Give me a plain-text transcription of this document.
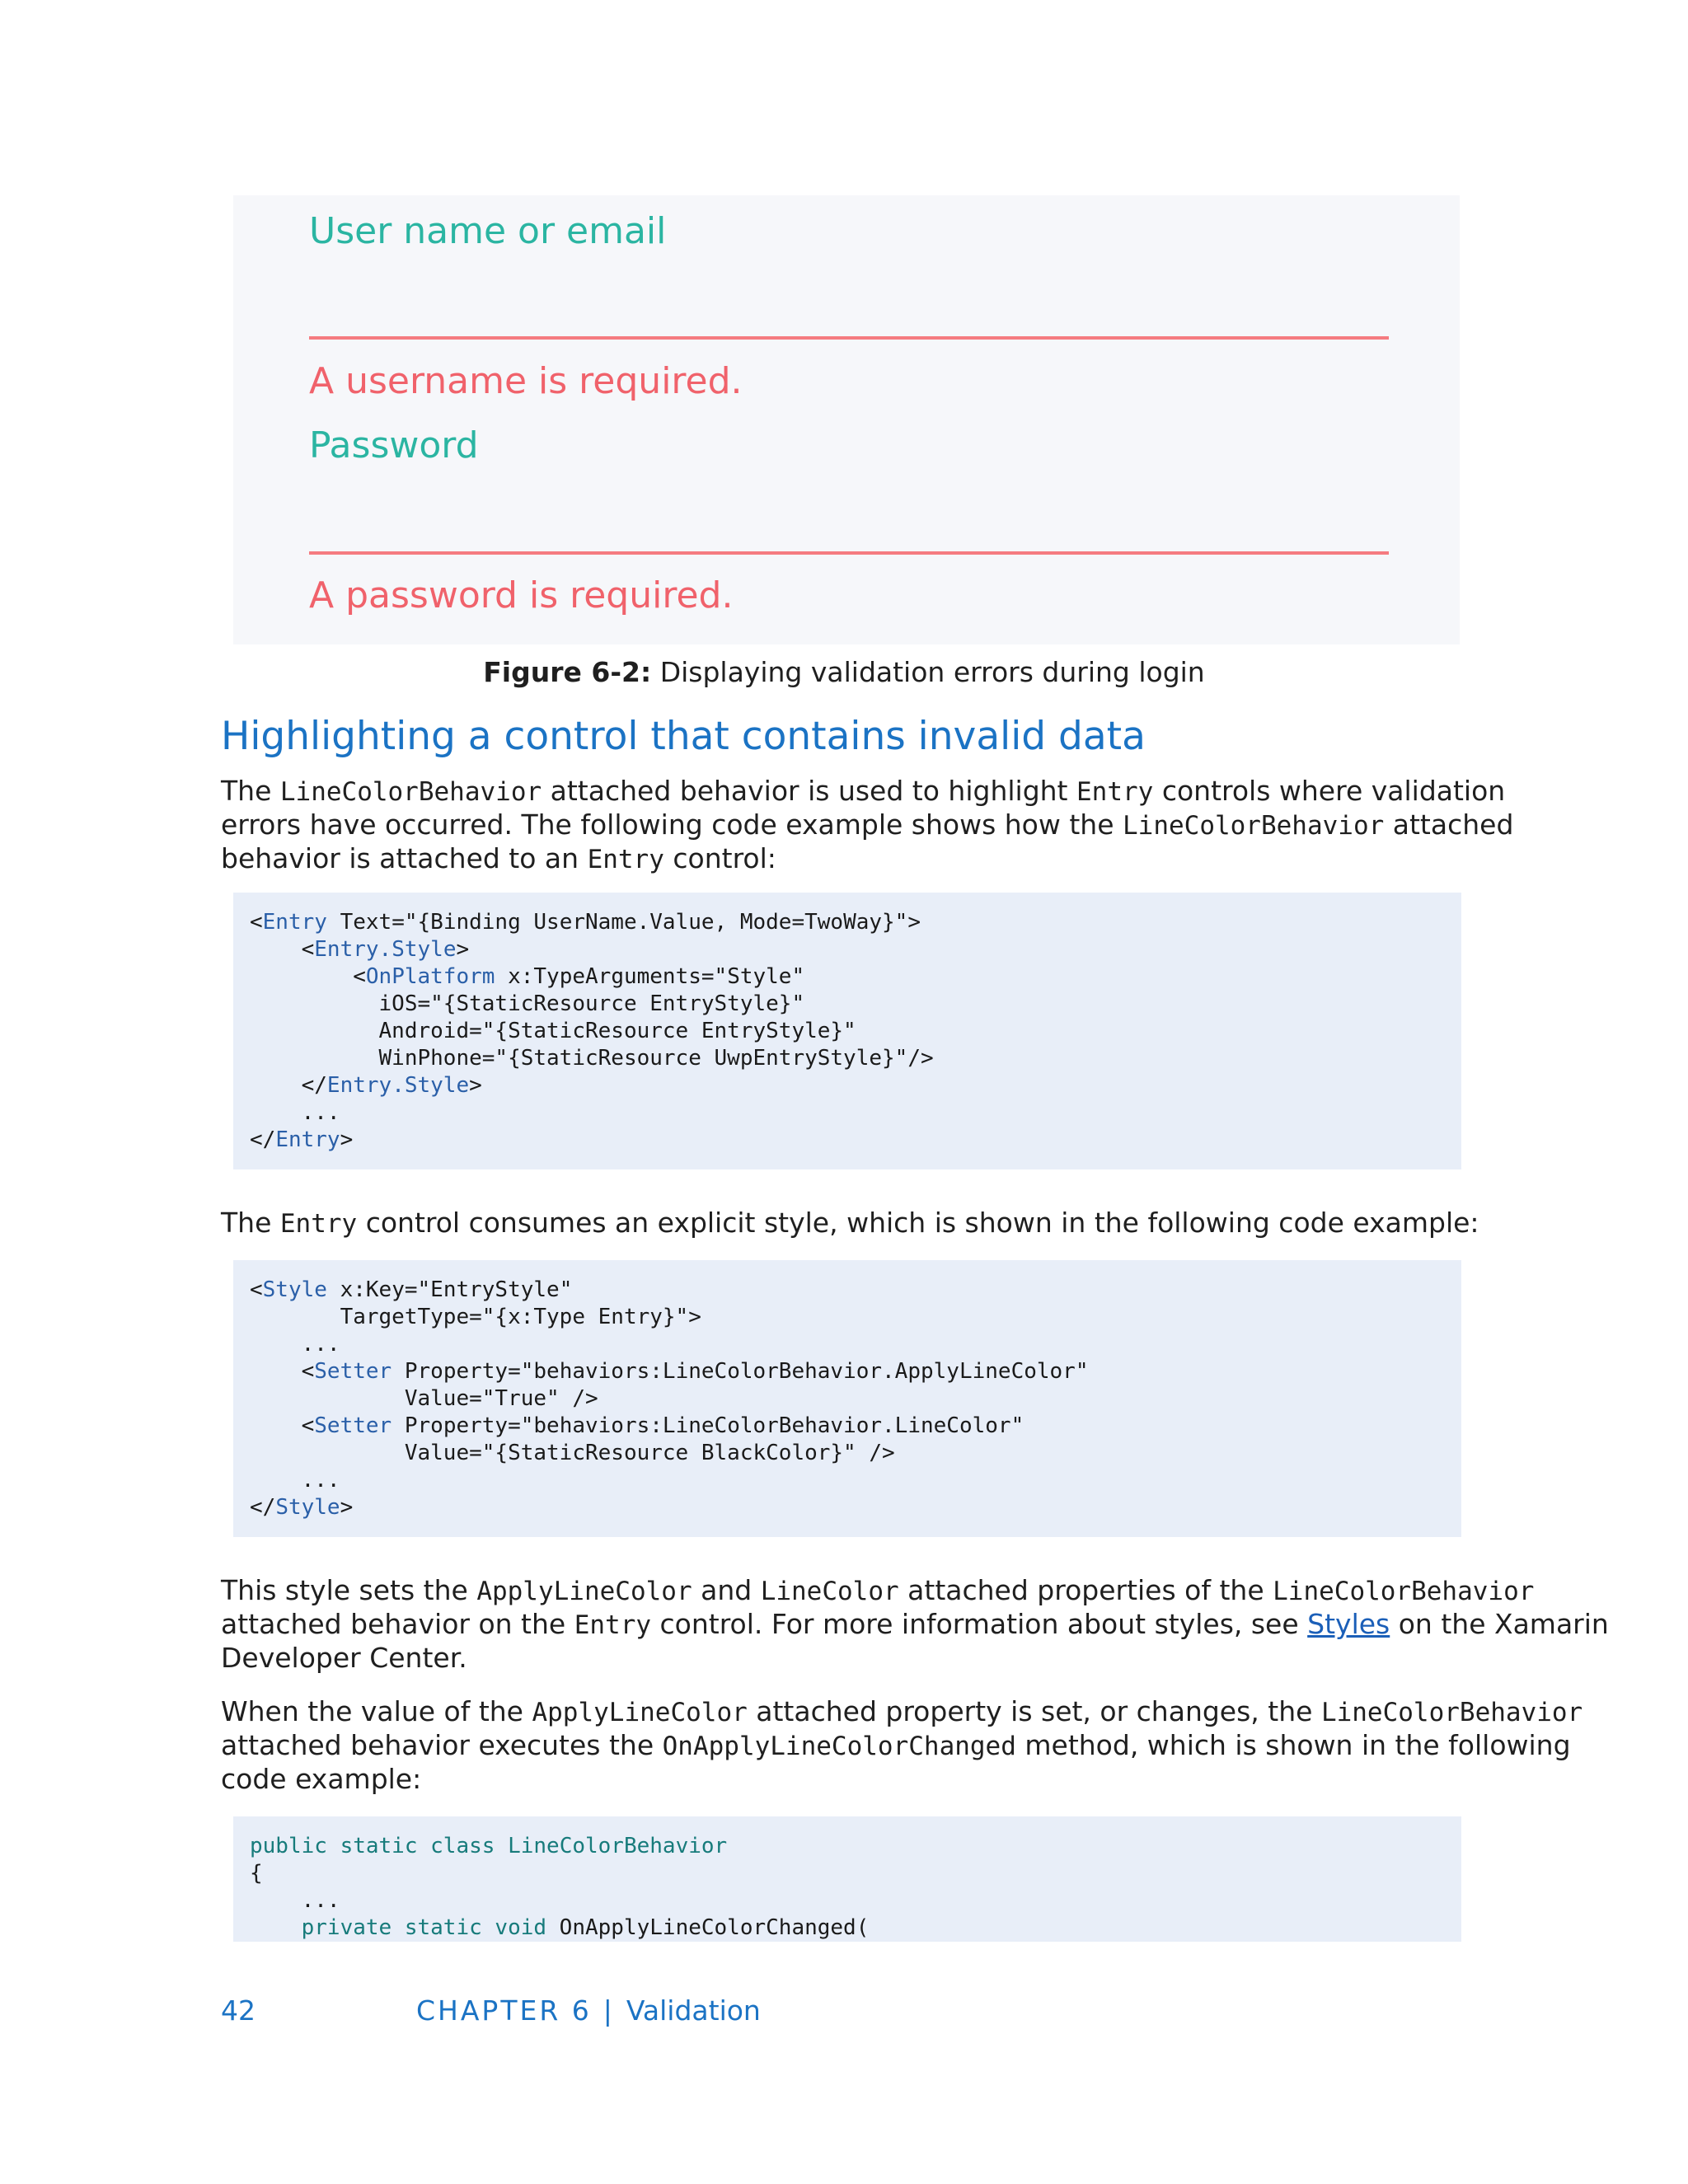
User name or email
A username is required.
Password
A password is required.
Figure 6-2: Displaying validation errors during login
Highlighting a control that contains invalid data
The LineColorBehavior attached behavior is used to highlight Entry controls where validation
errors have occurred. The following code example shows how the LineColorBehavior attached
behavior is attached to an Entry control:
<Entry Text="{Binding UserName.Value, Mode=TwoWay}">
<Entry.Style>
<OnPlatform x:TypeArguments="Style"
iOS="{StaticResource EntryStyle}"
Android="{StaticResource EntryStyle}"
WinPhone="{StaticResource UwpEntryStyle}"/>
</Entry.Style>
...
</Entry>
The Entry control consumes an explicit style, which is shown in the following code example:
<Style x:Key="EntryStyle"
TargetType="{x:Type Entry}">
...
<Setter Property="behaviors:LineColorBehavior.ApplyLineColor"
Value="True" />
<Setter Property="behaviors:LineColorBehavior.LineColor"
Value="{StaticResource BlackColor}" />
...
</Style>
This style sets the ApplyLineColor and LineColor attached properties of the LineColorBehavior
attached behavior on the Entry control. For more information about styles, see Styles on the Xamarin
Developer Center.
When the value of the ApplyLineColor attached property is set, or changes, the LineColorBehavior
attached behavior executes the OnApplyLineColorChanged method, which is shown in the following
code example:
public static class LineColorBehavior
{
...
private static void OnApplyLineColorChanged(
42	CHAPTER 6 | Validation
